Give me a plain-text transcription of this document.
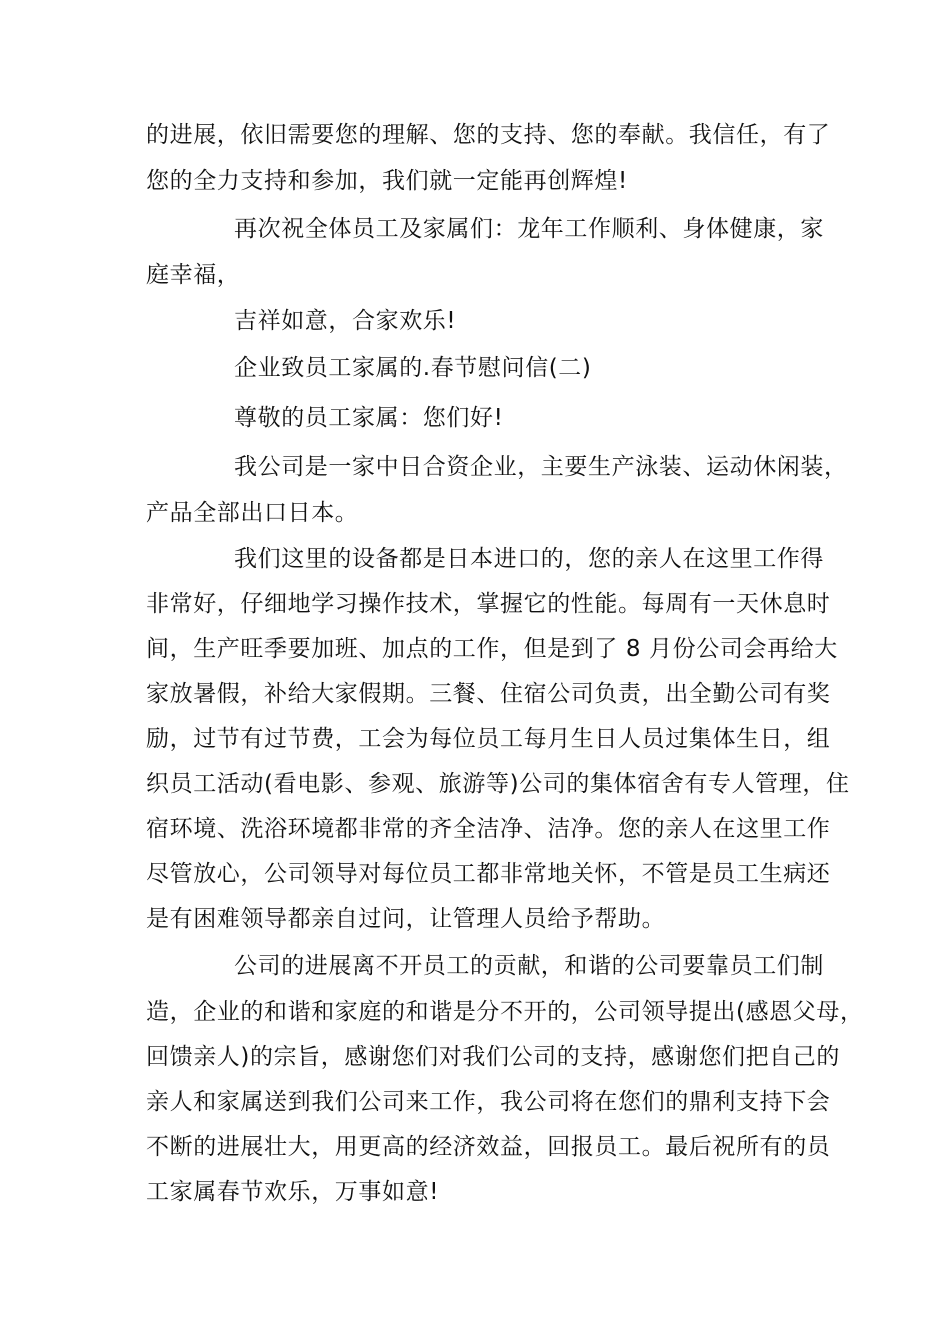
的进展，依旧需要您的理解、您的支持、您的奉献。我信任，有了
您的全力支持和参加，我们就一定能再创辉煌!
再次祝全体员工及家属们：龙年工作顺利、身体健康，家
庭幸福，
吉祥如意，合家欢乐!
企业致员工家属的.春节慰问信(二)
尊敬的员工家属：您们好!
我公司是一家中日合资企业，主要生产泳装、运动休闲装，
产品全部出口日本。
我们这里的设备都是日本进口的，您的亲人在这里工作得
非常好，仔细地学习操作技术，掌握它的性能。每周有一天休息时
间，生产旺季要加班、加点的工作，但是到了 8 月份公司会再给大
家放暑假，补给大家假期。三餐、住宿公司负责，出全勤公司有奖
励，过节有过节费，工会为每位员工每月生日人员过集体生日，组
织员工活动(看电影、参观、旅游等)公司的集体宿舍有专人管理，住
宿环境、洗浴环境都非常的齐全洁净、洁净。您的亲人在这里工作
尽管放心，公司领导对每位员工都非常地关怀，不管是员工生病还
是有困难领导都亲自过问，让管理人员给予帮助。
公司的进展离不开员工的贡献，和谐的公司要靠员工们制
造，企业的和谐和家庭的和谐是分不开的，公司领导提出(感恩父母，
回馈亲人)的宗旨，感谢您们对我们公司的支持，感谢您们把自己的
亲人和家属送到我们公司来工作，我公司将在您们的鼎利支持下会
不断的进展壮大，用更高的经济效益，回报员工。最后祝所有的员
工家属春节欢乐，万事如意!
